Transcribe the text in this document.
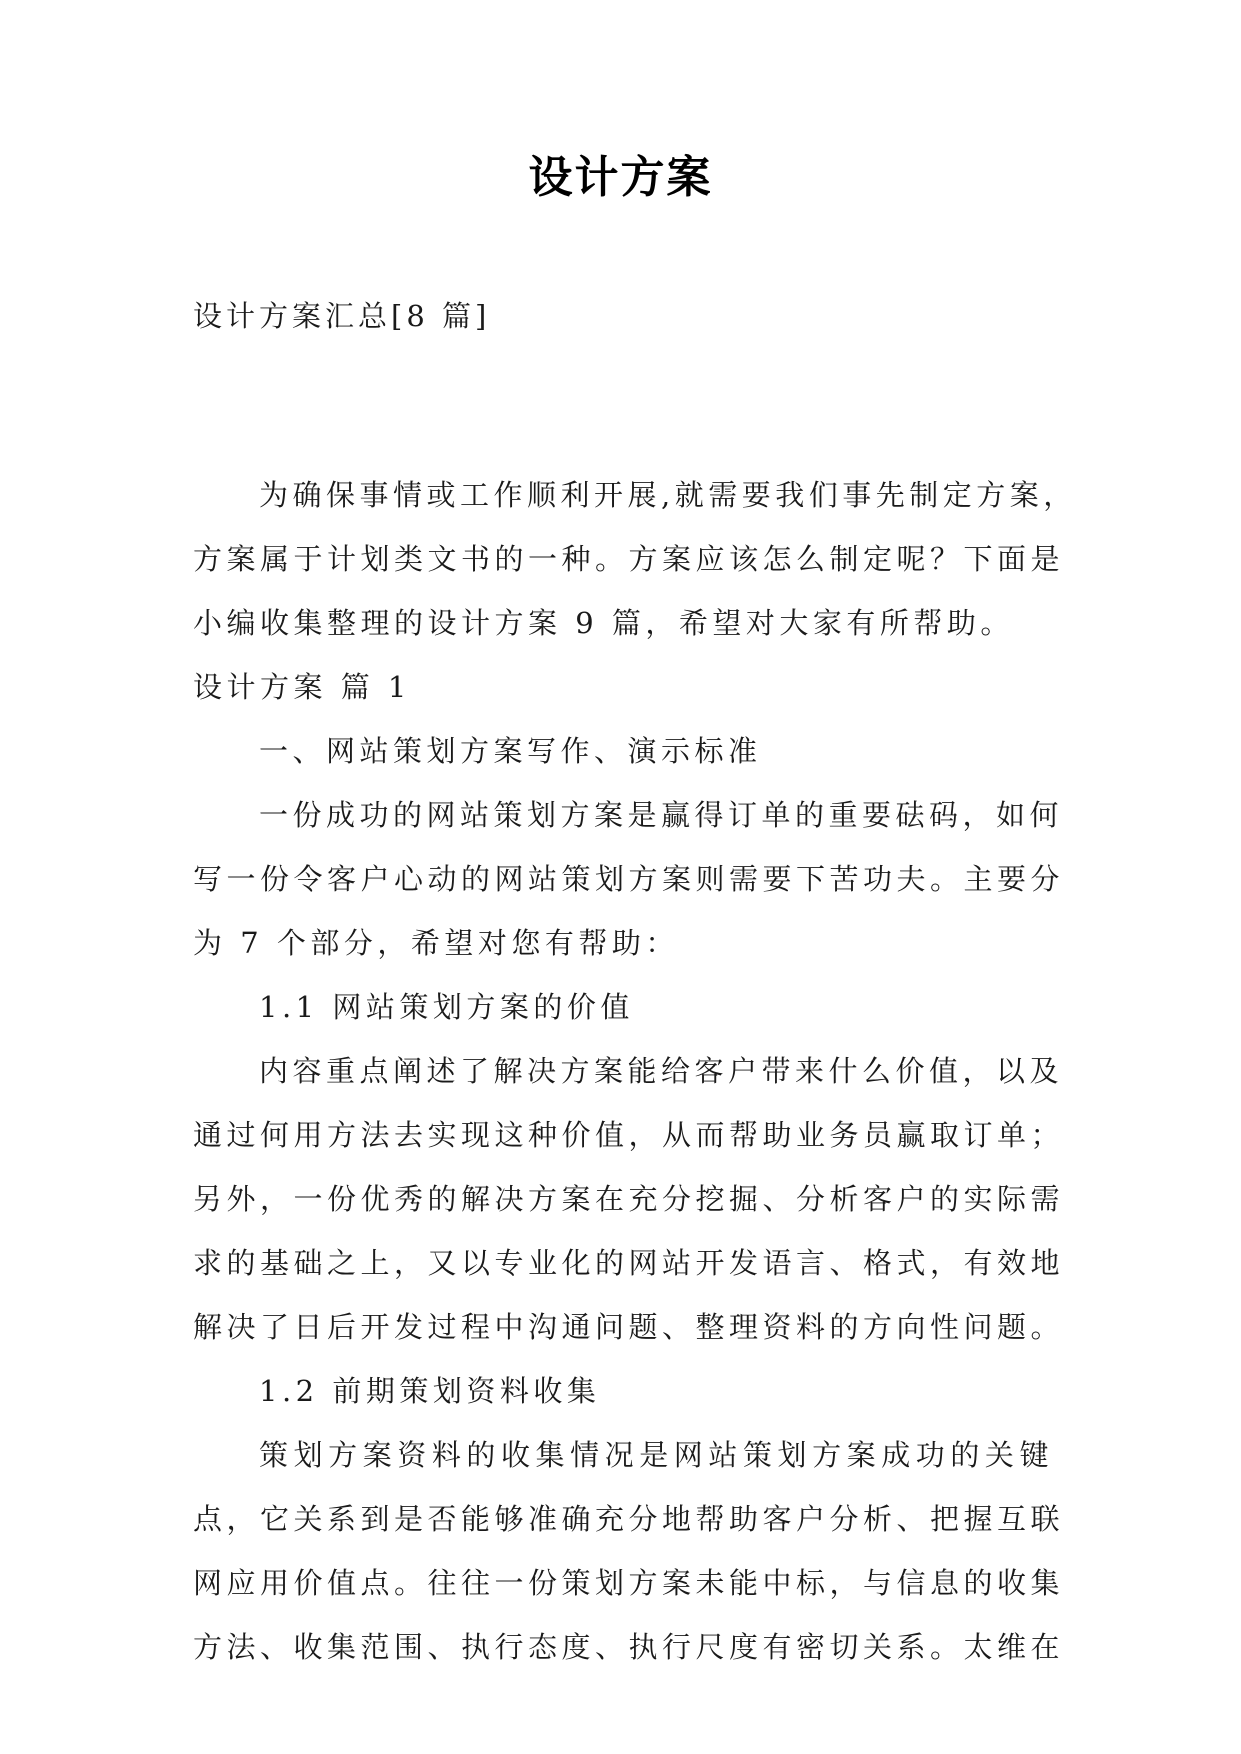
设计方案
设计方案汇总[8 篇]
为确保事情或工作顺利开展,就需要我们事先制定方案，
方案属于计划类文书的一种。方案应该怎么制定呢？下面是
小编收集整理的设计方案 9 篇，希望对大家有所帮助。
设计方案 篇 1
一、网站策划方案写作、演示标准
一份成功的网站策划方案是赢得订单的重要砝码，如何
写一份令客户心动的网站策划方案则需要下苦功夫。主要分
为 7 个部分，希望对您有帮助：
1.1 网站策划方案的价值
内容重点阐述了解决方案能给客户带来什么价值，以及
通过何用方法去实现这种价值，从而帮助业务员赢取订单；
另外，一份优秀的解决方案在充分挖掘、分析客户的实际需
求的基础之上，又以专业化的网站开发语言、格式，有效地
解决了日后开发过程中沟通问题、整理资料的方向性问题。
1.2 前期策划资料收集
策划方案资料的收集情况是网站策划方案成功的关键
点，它关系到是否能够准确充分地帮助客户分析、把握互联
网应用价值点。往往一份策划方案未能中标，与信息的收集
方法、收集范围、执行态度、执行尺度有密切关系。太维在
